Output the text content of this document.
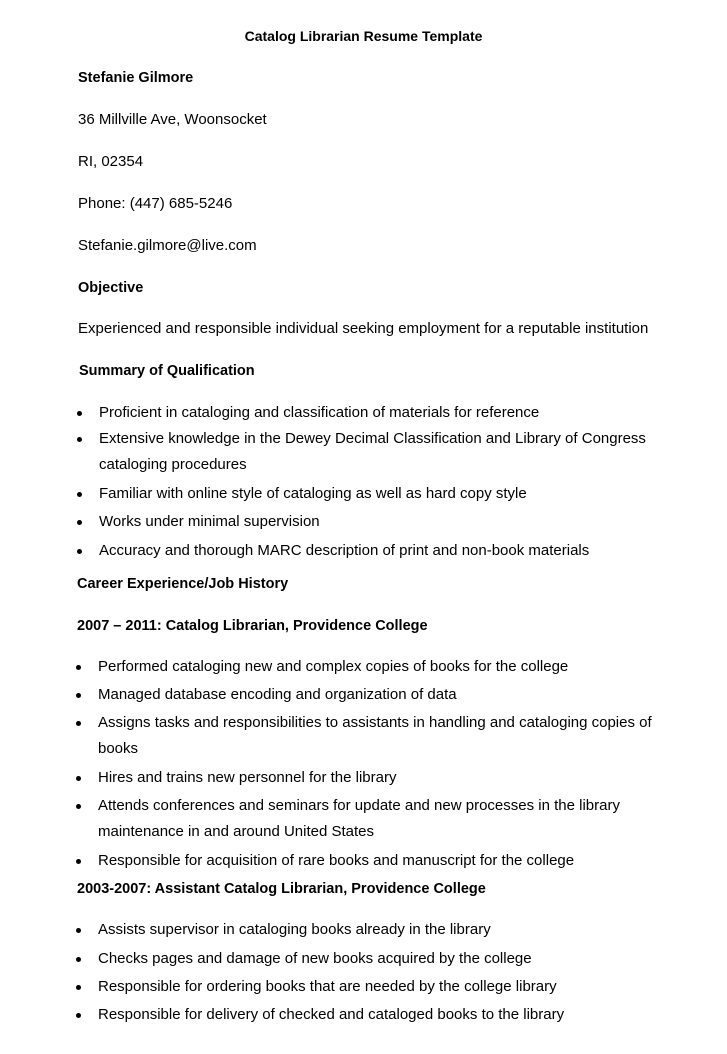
Catalog Librarian Resume Template
Stefanie Gilmore
36 Millville Ave, Woonsocket
RI, 02354
Phone: (447) 685-5246
Stefanie.gilmore@live.com
Objective
Experienced and responsible individual seeking employment for a reputable institution
Summary of Qualification
Proficient in cataloging and classification of materials for reference
Extensive knowledge in the Dewey Decimal Classification and Library of Congress cataloging procedures
Familiar with online style of cataloging as well as hard copy style
Works under minimal supervision
Accuracy and thorough MARC description of print and non-book materials
Career Experience/Job History
2007 – 2011: Catalog Librarian, Providence College
Performed cataloging new and complex copies of books for the college
Managed database encoding and organization of data
Assigns tasks and responsibilities to assistants in handling and cataloging copies of books
Hires and trains new personnel for the library
Attends conferences and seminars for update and new processes in the library maintenance in and around United States
Responsible for acquisition of rare books and manuscript for the college
2003-2007: Assistant Catalog Librarian, Providence College
Assists supervisor in cataloging books already in the library
Checks pages and damage of new books acquired by the college
Responsible for ordering books that are needed by the college library
Responsible for delivery of checked and cataloged books to the library
